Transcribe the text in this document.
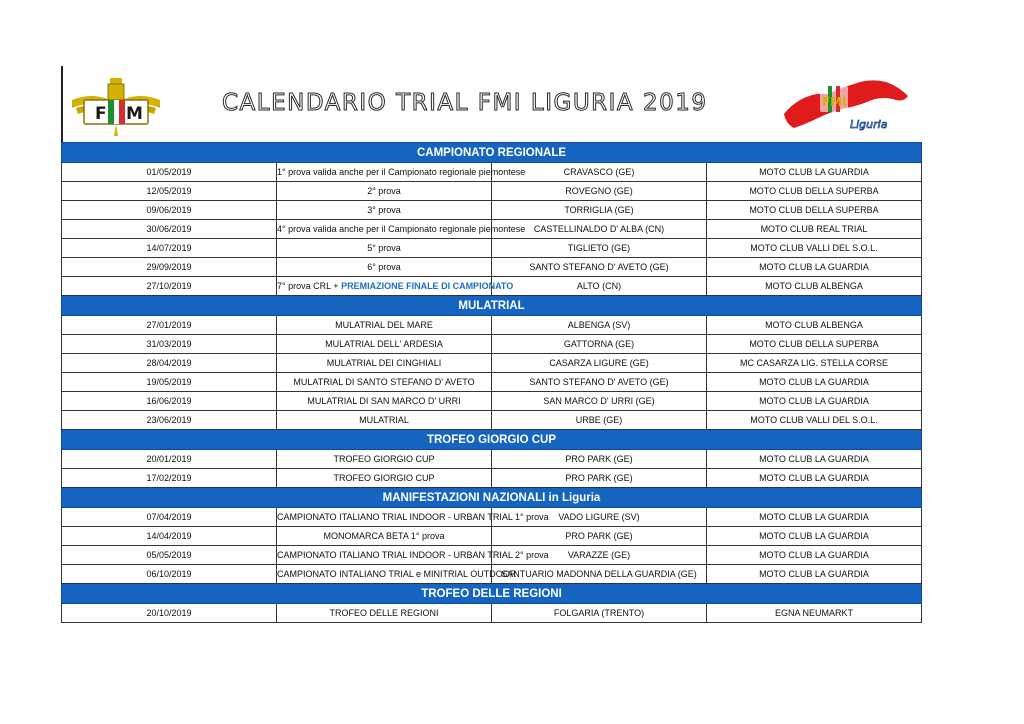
F M	CALENDARIO TRIAL FMI LIGURIA 2019	FMI
Liguria
CAMPIONATO REGIONALE			
01/05/2019	1° prova valida anche per il Campionato regionale piemontese	CRAVASCO (GE)	MOTO CLUB LA GUARDIA
12/05/2019	2° prova	ROVEGNO (GE)	MOTO CLUB DELLA SUPERBA
09/06/2019	3° prova	TORRIGLIA (GE)	MOTO CLUB DELLA SUPERBA
30/06/2019	4° prova valida anche per il Campionato regionale piemontese	CASTELLINALDO D' ALBA (CN)	MOTO CLUB REAL TRIAL
14/07/2019	5° prova	TIGLIETO (GE)	MOTO CLUB VALLI DEL S.O.L.
29/09/2019	6° prova	SANTO STEFANO D' AVETO (GE)	MOTO CLUB LA GUARDIA
27/10/2019	7° prova CRL + PREMIAZIONE FINALE DI CAMPIONATO	ALTO (CN)	MOTO CLUB ALBENGA
MULATRIAL			
27/01/2019	MULATRIAL DEL MARE	ALBENGA (SV)	MOTO CLUB ALBENGA
31/03/2019	MULATRIAL DELL' ARDESIA	GATTORNA (GE)	MOTO CLUB DELLA SUPERBA
28/04/2019	MULATRIAL DEI CINGHIALI	CASARZA LIGURE (GE)	MC CASARZA LIG. STELLA CORSE
19/05/2019	MULATRIAL DI SANTO STEFANO D' AVETO	SANTO STEFANO D' AVETO (GE)	MOTO CLUB LA GUARDIA
16/06/2019	MULATRIAL DI SAN MARCO D' URRI	SAN MARCO D' URRI (GE)	MOTO CLUB LA GUARDIA
23/06/2019	MULATRIAL	URBE (GE)	MOTO CLUB VALLI DEL S.O.L.
TROFEO GIORGIO CUP			
20/01/2019	TROFEO GIORGIO CUP	PRO PARK (GE)	MOTO CLUB LA GUARDIA
17/02/2019	TROFEO GIORGIO CUP	PRO PARK (GE)	MOTO CLUB LA GUARDIA
MANIFESTAZIONI NAZIONALI in Liguria			
07/04/2019	CAMPIONATO ITALIANO TRIAL INDOOR - URBAN TRIAL 1° prova	VADO LIGURE (SV)	MOTO CLUB LA GUARDIA
14/04/2019	MONOMARCA BETA 1° prova	PRO PARK (GE)	MOTO CLUB LA GUARDIA
05/05/2019	CAMPIONATO ITALIANO TRIAL INDOOR - URBAN TRIAL 2° prova	VARAZZE (GE)	MOTO CLUB LA GUARDIA
06/10/2019	CAMPIONATO INTALIANO TRIAL e MINITRIAL OUTDOOR	SANTUARIO MADONNA DELLA GUARDIA (GE)	MOTO CLUB LA GUARDIA
TROFEO DELLE REGIONI			
20/10/2019	TROFEO DELLE REGIONI	FOLGARIA (TRENTO)	EGNA NEUMARKT
